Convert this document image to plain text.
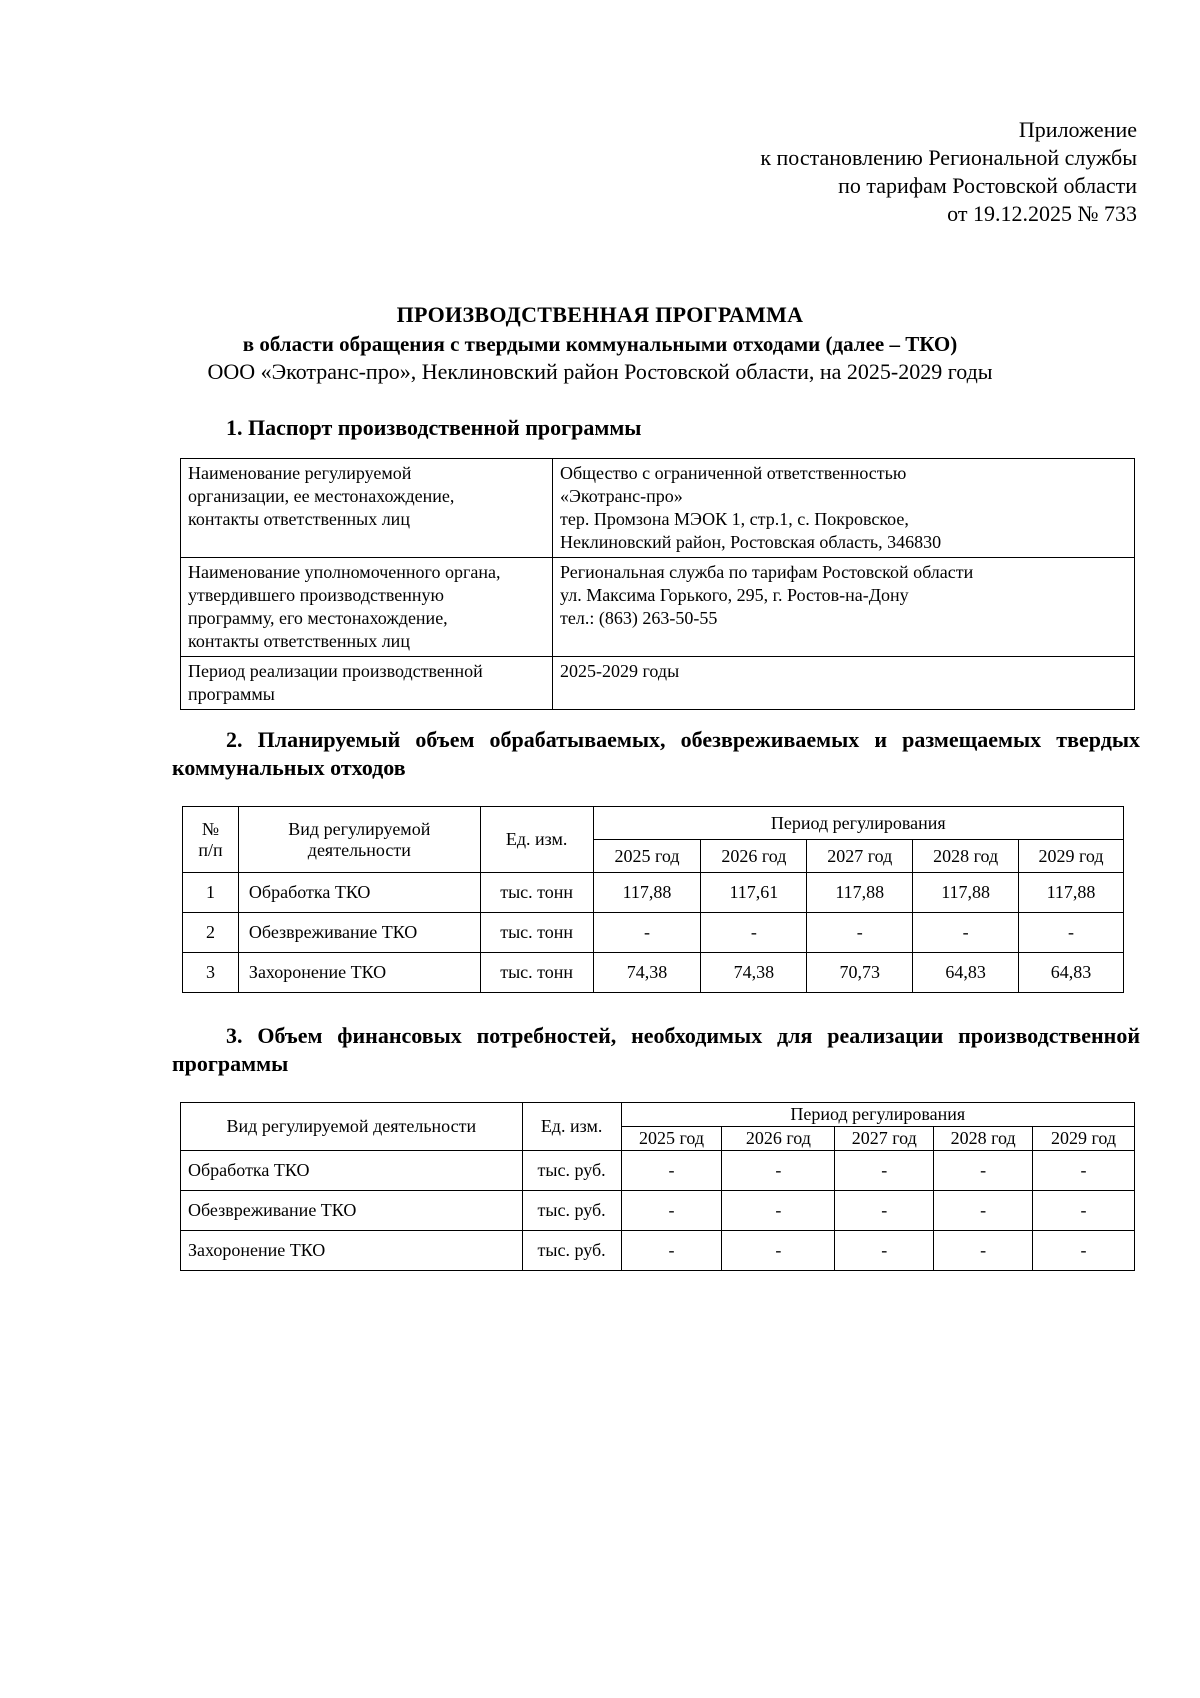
Приложение
к постановлению Региональной службы
по тарифам Ростовской области
от 19.12.2025 № 733
ПРОИЗВОДСТВЕННАЯ ПРОГРАММА
в области обращения с твердыми коммунальными отходами (далее – ТКО)
ООО «Экотранс-про», Неклиновский район Ростовской области, на 2025-2029 годы
1. Паспорт производственной программы
Наименование регулируемой
организации, ее местонахождение,
контакты ответственных лиц	Общество с ограниченной ответственностью
«Экотранс-про»
тер. Промзона МЭОК 1, стр.1, с. Покровское,
Неклиновский район, Ростовская область, 346830

Наименование уполномоченного органа,
утвердившего производственную
программу, его местонахождение,
контакты ответственных лиц	Региональная служба по тарифам Ростовской области
ул. Максима Горького, 295, г. Ростов-на-Дону
тел.: (863) 263-50-55

Период реализации производственной
программы	2025-2029 годы
2. Планируемый объем обрабатываемых, обезвреживаемых и размещаемых твердых коммунальных отходов
№
п/п	Вид регулируемой
деятельности	Ед. изм.	Период регулирования				
			2025 год	2026 год	2027 год	2028 год	2029 год
1	Обработка ТКО	тыс. тонн	117,88	117,61	117,88	117,88	117,88
2	Обезвреживание ТКО	тыс. тонн	-	-	-	-	-
3	Захоронение ТКО	тыс. тонн	74,38	74,38	70,73	64,83	64,83
3. Объем финансовых потребностей, необходимых для реализации производственной программы
Вид регулируемой деятельности	Ед. изм.	Период регулирования				
		2025 год	2026 год	2027 год	2028 год	2029 год
Обработка ТКО	тыс. руб.	-	-	-	-	-
Обезвреживание ТКО	тыс. руб.	-	-	-	-	-
Захоронение ТКО	тыс. руб.	-	-	-	-	-
